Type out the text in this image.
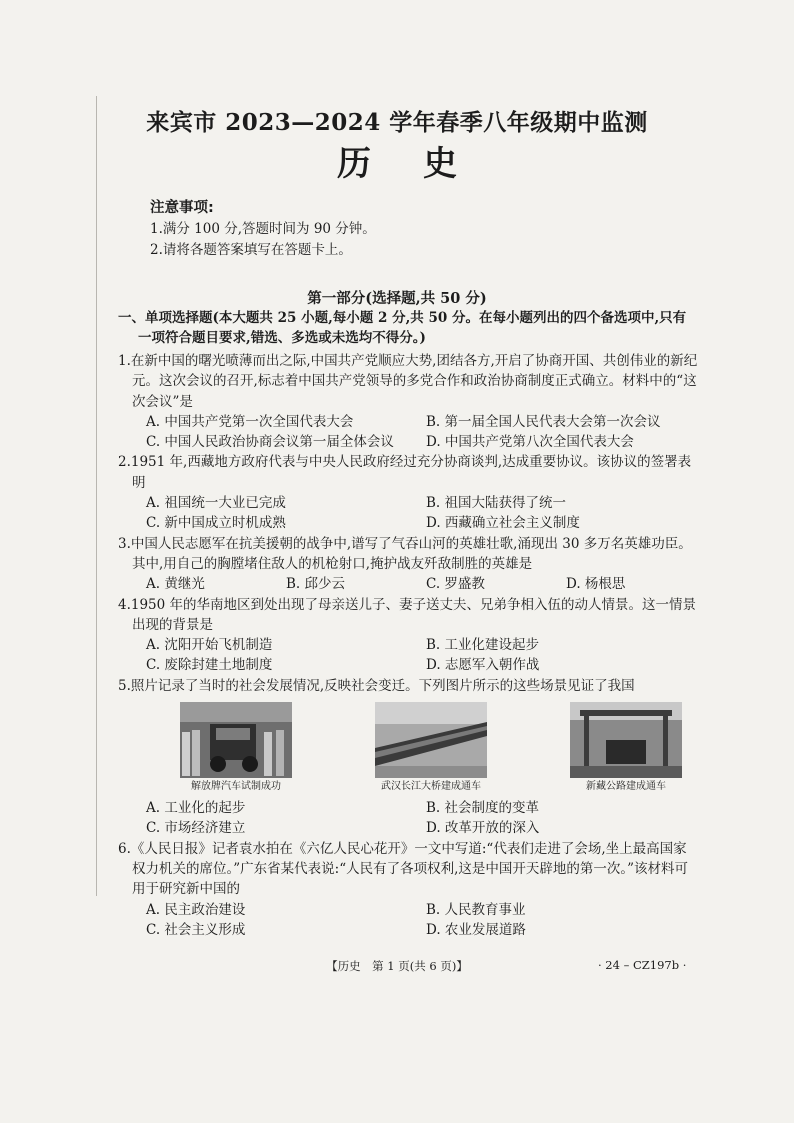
来宾市 2023—2024 学年春季八年级期中监测
历史
注意事项:
1.满分 100 分,答题时间为 90 分钟。
2.请将各题答案填写在答题卡上。
第一部分(选择题,共 50 分)
一、单项选择题(本大题共 25 小题,每小题 2 分,共 50 分。在每小题列出的四个备选项中,只有
一项符合题目要求,错选、多选或未选均不得分。)
1.在新中国的曙光喷薄而出之际,中国共产党顺应大势,团结各方,开启了协商开国、共创伟业的新纪元。这次会议的召开,标志着中国共产党领导的多党合作和政治协商制度正式确立。材料中的“这次会议”是
A. 中国共产党第一次全国代表大会	B. 第一届全国人民代表大会第一次会议
C. 中国人民政治协商会议第一届全体会议	D. 中国共产党第八次全国代表大会
2.1951 年,西藏地方政府代表与中央人民政府经过充分协商谈判,达成重要协议。该协议的签署表明
A. 祖国统一大业已完成	B. 祖国大陆获得了统一
C. 新中国成立时机成熟	D. 西藏确立社会主义制度
3.中国人民志愿军在抗美援朝的战争中,谱写了气吞山河的英雄壮歌,涌现出 30 多万名英雄功臣。其中,用自己的胸膛堵住敌人的机枪射口,掩护战友歼敌制胜的英雄是
A. 黄继光	B. 邱少云	C. 罗盛教	D. 杨根思
4.1950 年的华南地区到处出现了母亲送儿子、妻子送丈夫、兄弟争相入伍的动人情景。这一情景出现的背景是
A. 沈阳开始飞机制造	B. 工业化建设起步
C. 废除封建土地制度	D. 志愿军入朝作战
5.照片记录了当时的社会发展情况,反映社会变迁。下列图片所示的这些场景见证了我国
解放牌汽车试制成功	武汉长江大桥建成通车	新藏公路建成通车
A. 工业化的起步	B. 社会制度的变革
C. 市场经济建立	D. 改革开放的深入
6.《人民日报》记者袁水拍在《六亿人民心花开》一文中写道:“代表们走进了会场,坐上最高国家权力机关的席位。”广东省某代表说:“人民有了各项权利,这是中国开天辟地的第一次。”该材料可用于研究新中国的
A. 民主政治建设	B. 人民教育事业
C. 社会主义形成	D. 农业发展道路
【历史　第 1 页(共 6 页)】	· 24 – CZ197b ·
